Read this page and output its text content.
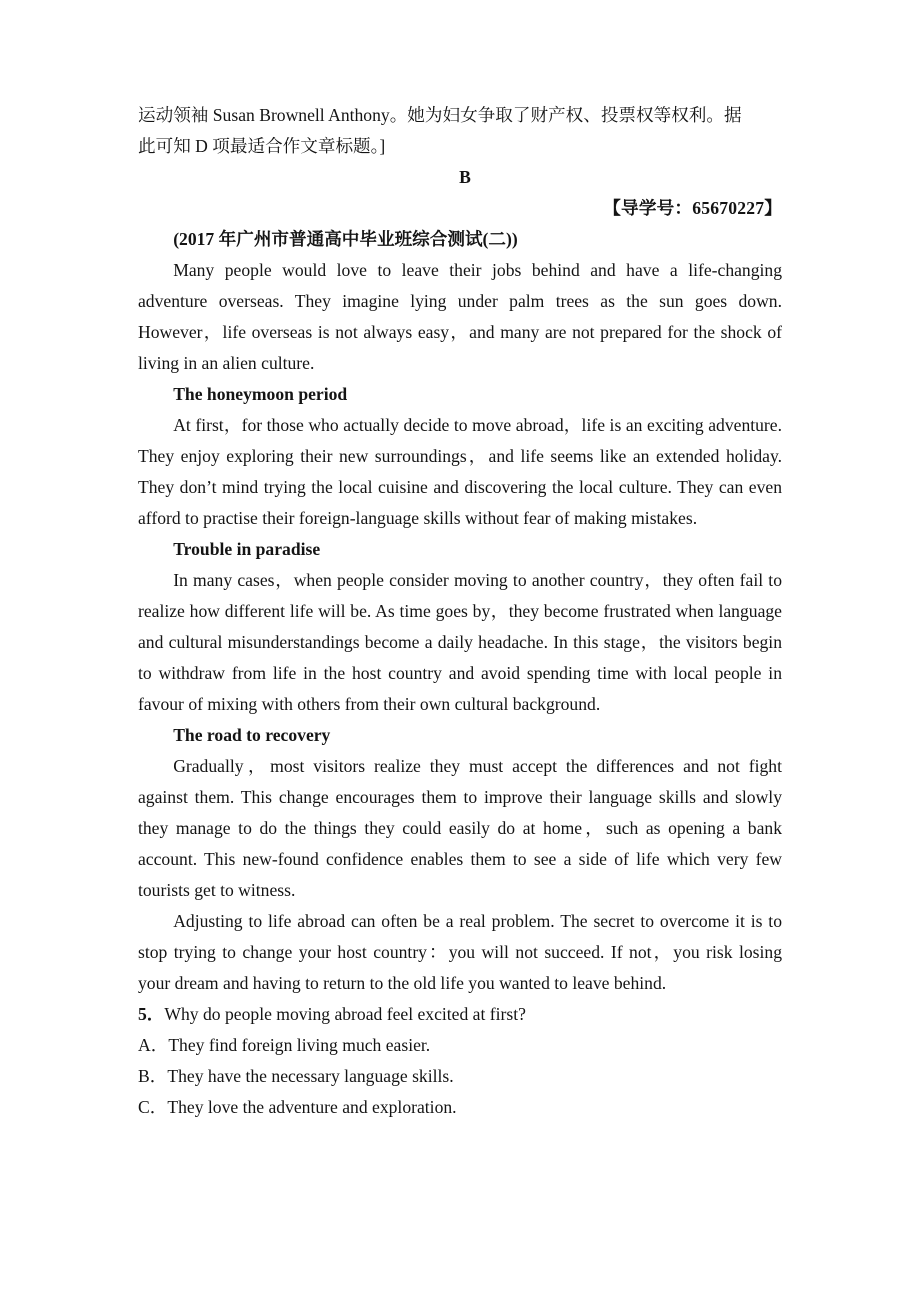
运动领袖 Susan Brownell Anthony。她为妇女争取了财产权、投票权等权利。据

此可知 D 项最适合作文章标题。]

B

【导学号：65670227】

(2017 年广州市普通高中毕业班综合测试(二))

Many people would love to leave their jobs behind and have a life‑changing adventure overseas. They imagine lying under palm trees as the sun goes down. However，life overseas is not always easy，and many are not prepared for the shock of living in an alien culture.

The honeymoon period

At first，for those who actually decide to move abroad，life is an exciting adventure. They enjoy exploring their new surroundings，and life seems like an extended holiday. They don’t mind trying the local cuisine and discovering the local culture. They can even afford to practise their foreign-language skills without fear of making mistakes.

Trouble in paradise

In many cases，when people consider moving to another country，they often fail to realize how different life will be. As time goes by，they become frustrated when language and cultural misunderstandings become a daily headache. In this stage，the visitors begin to withdraw from life in the host country and avoid spending time with local people in favour of mixing with others from their own cultural background.

The road to recovery

Gradually，most visitors realize they must accept the differences and not fight against them. This change encourages them to improve their language skills and slowly they manage to do the things they could easily do at home，such as opening a bank account. This new‑found confidence enables them to see a side of life which very few tourists get to witness.

Adjusting to life abroad can often be a real problem. The secret to overcome it is to stop trying to change your host country：you will not succeed. If not，you risk losing your dream and having to return to the old life you wanted to leave behind.

5．Why do people moving abroad feel excited at first?

A．They find foreign living much easier.

B．They have the necessary language skills.

C．They love the adventure and exploration.
